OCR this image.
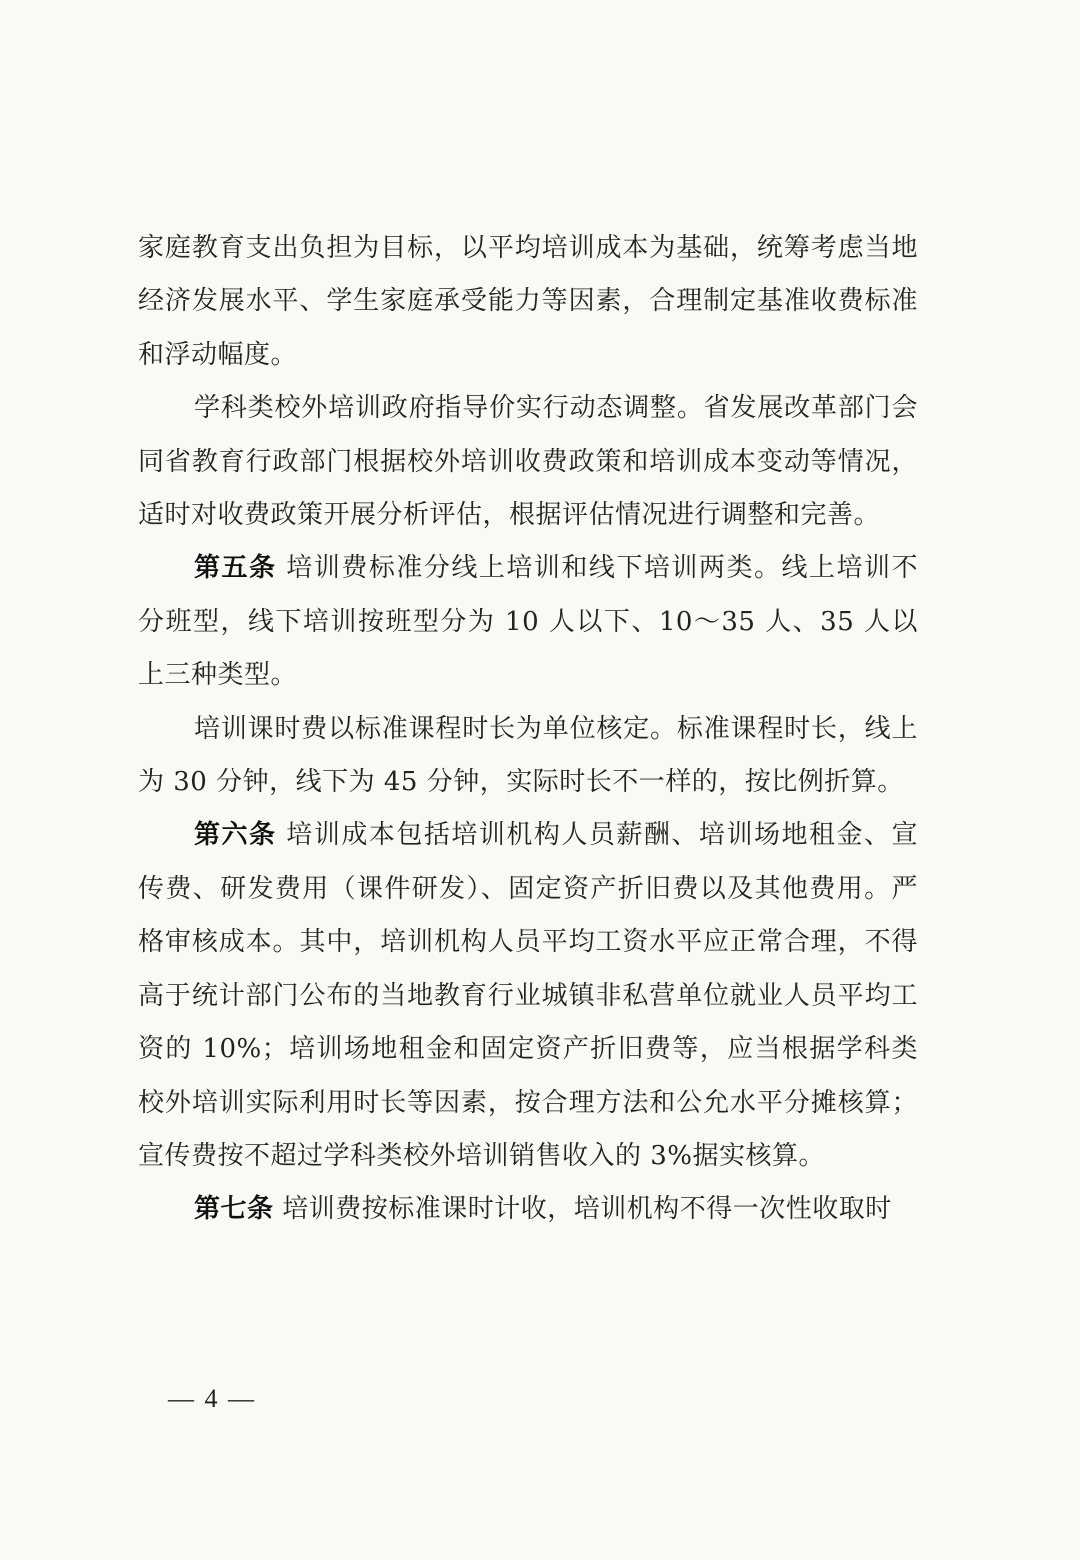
家庭教育支出负担为目标，以平均培训成本为基础，统筹考虑当地经济发展水平、学生家庭承受能力等因素，合理制定基准收费标准和浮动幅度。

学科类校外培训政府指导价实行动态调整。省发展改革部门会同省教育行政部门根据校外培训收费政策和培训成本变动等情况，适时对收费政策开展分析评估，根据评估情况进行调整和完善。

第五条 培训费标准分线上培训和线下培训两类。线上培训不分班型，线下培训按班型分为 10 人以下、10～35 人、35 人以上三种类型。

培训课时费以标准课程时长为单位核定。标准课程时长，线上为 30 分钟，线下为 45 分钟，实际时长不一样的，按比例折算。

第六条 培训成本包括培训机构人员薪酬、培训场地租金、宣传费、研发费用（课件研发）、固定资产折旧费以及其他费用。严格审核成本。其中，培训机构人员平均工资水平应正常合理，不得高于统计部门公布的当地教育行业城镇非私营单位就业人员平均工资的 10%；培训场地租金和固定资产折旧费等，应当根据学科类校外培训实际利用时长等因素，按合理方法和公允水平分摊核算；宣传费按不超过学科类校外培训销售收入的 3%据实核算。

第七条 培训费按标准课时计收，培训机构不得一次性收取时

— 4 —
